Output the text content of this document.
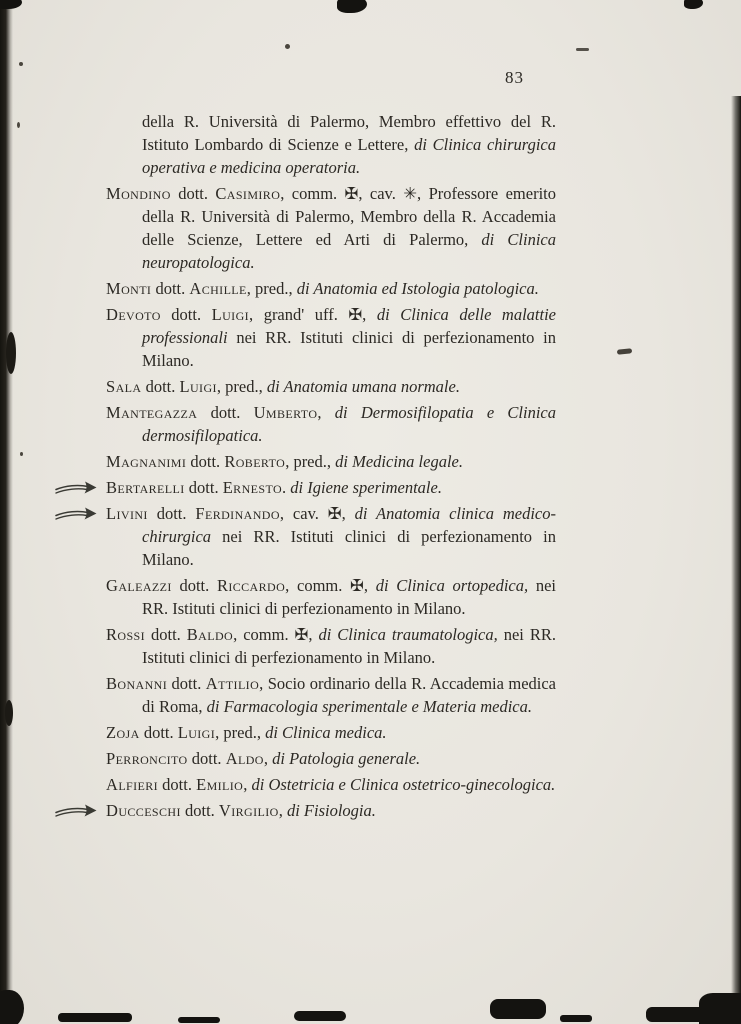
83

della R. Università di Palermo, Membro effettivo del R. Istituto Lombardo di Scienze e Lettere, di Clinica chirurgica operativa e medicina operatoria.

Mondino dott. Casimiro, comm. ✠, cav. ✳, Professore emerito della R. Università di Palermo, Membro della R. Accademia delle Scienze, Lettere ed Arti di Palermo, di Clinica neuropatologica.

Monti dott. Achille, pred., di Anatomia ed Istologia patologica.

Devoto dott. Luigi, grand' uff. ✠, di Clinica delle malattie professionali nei RR. Istituti clinici di perfezionamento in Milano.

Sala dott. Luigi, pred., di Anatomia umana normale.

Mantegazza dott. Umberto, di Dermosifilopatia e Clinica dermosifilopatica.

Magnanimi dott. Roberto, pred., di Medicina legale.

Bertarelli dott. Ernesto. di Igiene sperimentale.

Livini dott. Ferdinando, cav. ✠, di Anatomia clinica medico-chirurgica nei RR. Istituti clinici di perfezionamento in Milano.

Galeazzi dott. Riccardo, comm. ✠, di Clinica ortopedica, nei RR. Istituti clinici di perfezionamento in Milano.

Rossi dott. Baldo, comm. ✠, di Clinica traumatologica, nei RR. Istituti clinici di perfezionamento in Milano.

Bonanni dott. Attilio, Socio ordinario della R. Accademia medica di Roma, di Farmacologia sperimentale e Materia medica.

Zoja dott. Luigi, pred., di Clinica medica.

Perroncito dott. Aldo, di Patologia generale.

Alfieri dott. Emilio, di Ostetricia e Clinica ostetrico-ginecologica.

Ducceschi dott. Virgilio, di Fisiologia.
